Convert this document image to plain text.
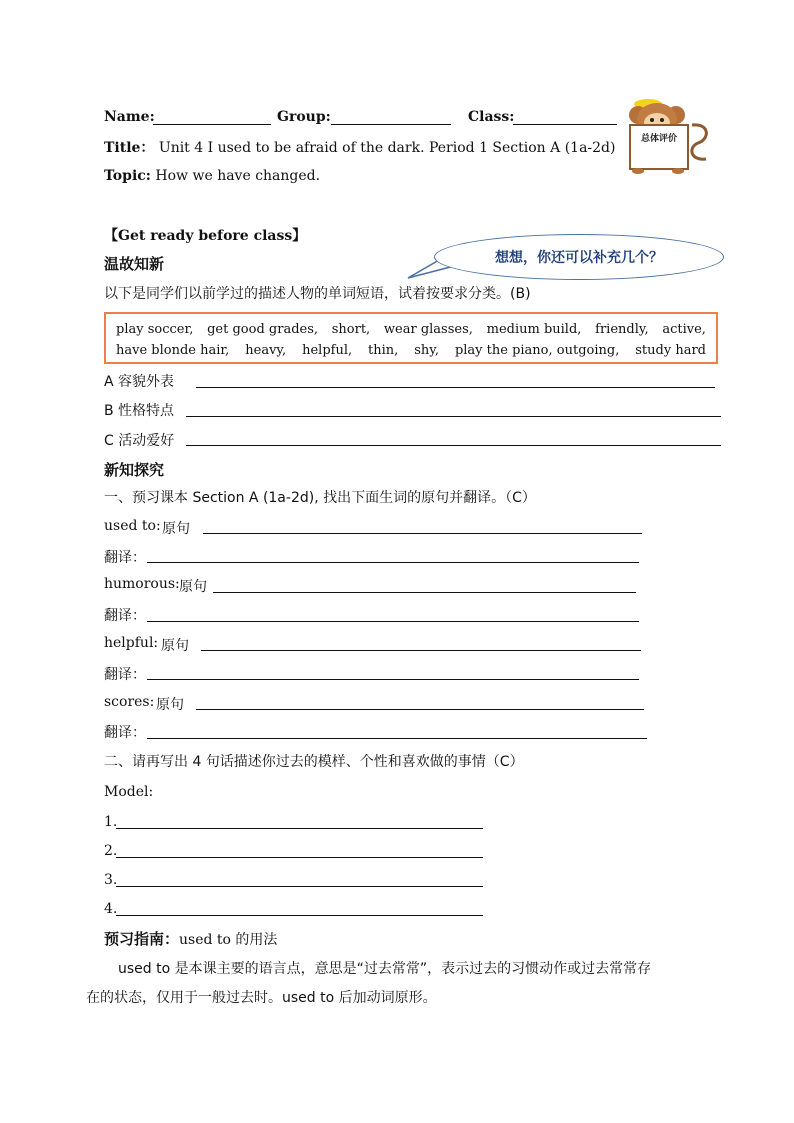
Name:	Group:	Class:
Title： Unit 4 I used to be afraid of the dark. Period 1 Section A (1a-2d)
Topic: How we have changed.
总体评价
【Get ready before class】
想想，你还可以补充几个？
温故知新
以下是同学们以前学过的描述人物的单词短语，试着按要求分类。(B)
play soccer, get good grades, short, wear glasses, medium build, friendly, active,
have blonde hair, heavy, helpful, thin, shy, play the piano, outgoing, study hard
A 容貌外表
B 性格特点
C 活动爱好
新知探究
一、预习课本 Section A (1a-2d), 找出下面生词的原句并翻译。（C）
used to: 原句
翻译：
humorous: 原句
翻译：
helpful: 原句
翻译：
scores: 原句
翻译：
二、请再写出 4 句话描述你过去的模样、个性和喜欢做的事情（C）
Model:
1.
2.
3.
4.
预习指南：used to 的用法
used to 是本课主要的语言点，意思是“过去常常”，表示过去的习惯动作或过去常常存
在的状态，仅用于一般过去时。used to 后加动词原形。
